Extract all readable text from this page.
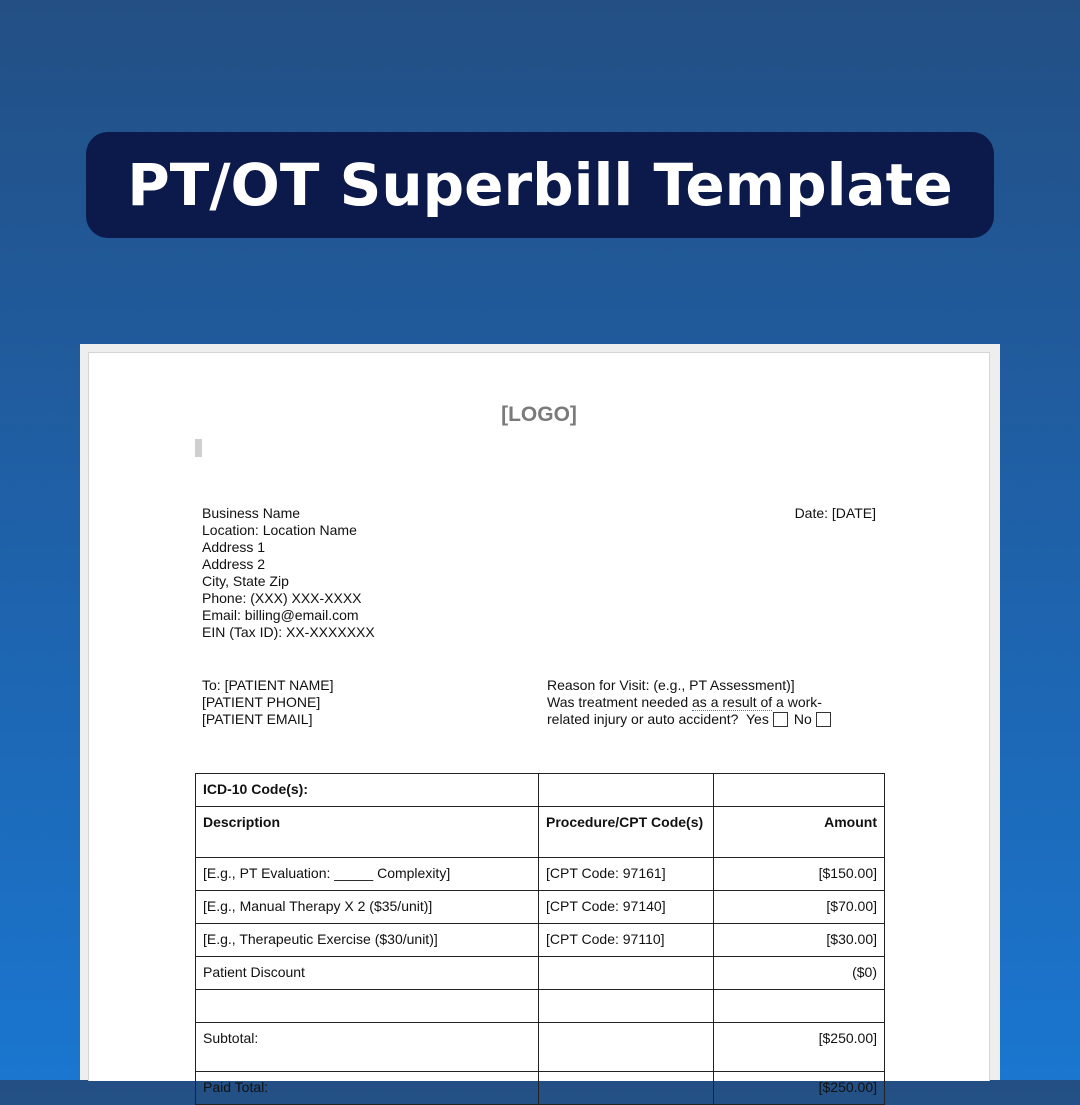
PT/OT Superbill Template
[LOGO]
Business Name
Location: Location Name
Address 1
Address 2
City, State Zip
Phone: (XXX) XXX-XXXX
Email: billing@email.com
EIN (Tax ID): XX-XXXXXXX
Date: [DATE]
To: [PATIENT NAME]
[PATIENT PHONE]
[PATIENT EMAIL]
Reason for Visit: (e.g., PT Assessment)]
Was treatment needed as a result of a work-
related injury or auto accident? Yes No
ICD-10 Code(s):		
Description	Procedure/CPT Code(s)	Amount
[E.g., PT Evaluation: _____ Complexity]	[CPT Code: 97161]	[$150.00]
[E.g., Manual Therapy X 2 ($35/unit)]	[CPT Code: 97140]	[$70.00]
[E.g., Therapeutic Exercise ($30/unit)]	[CPT Code: 97110]	[$30.00]
Patient Discount		($0)

Subtotal:		[$250.00]
Paid Total:		[$250.00]
